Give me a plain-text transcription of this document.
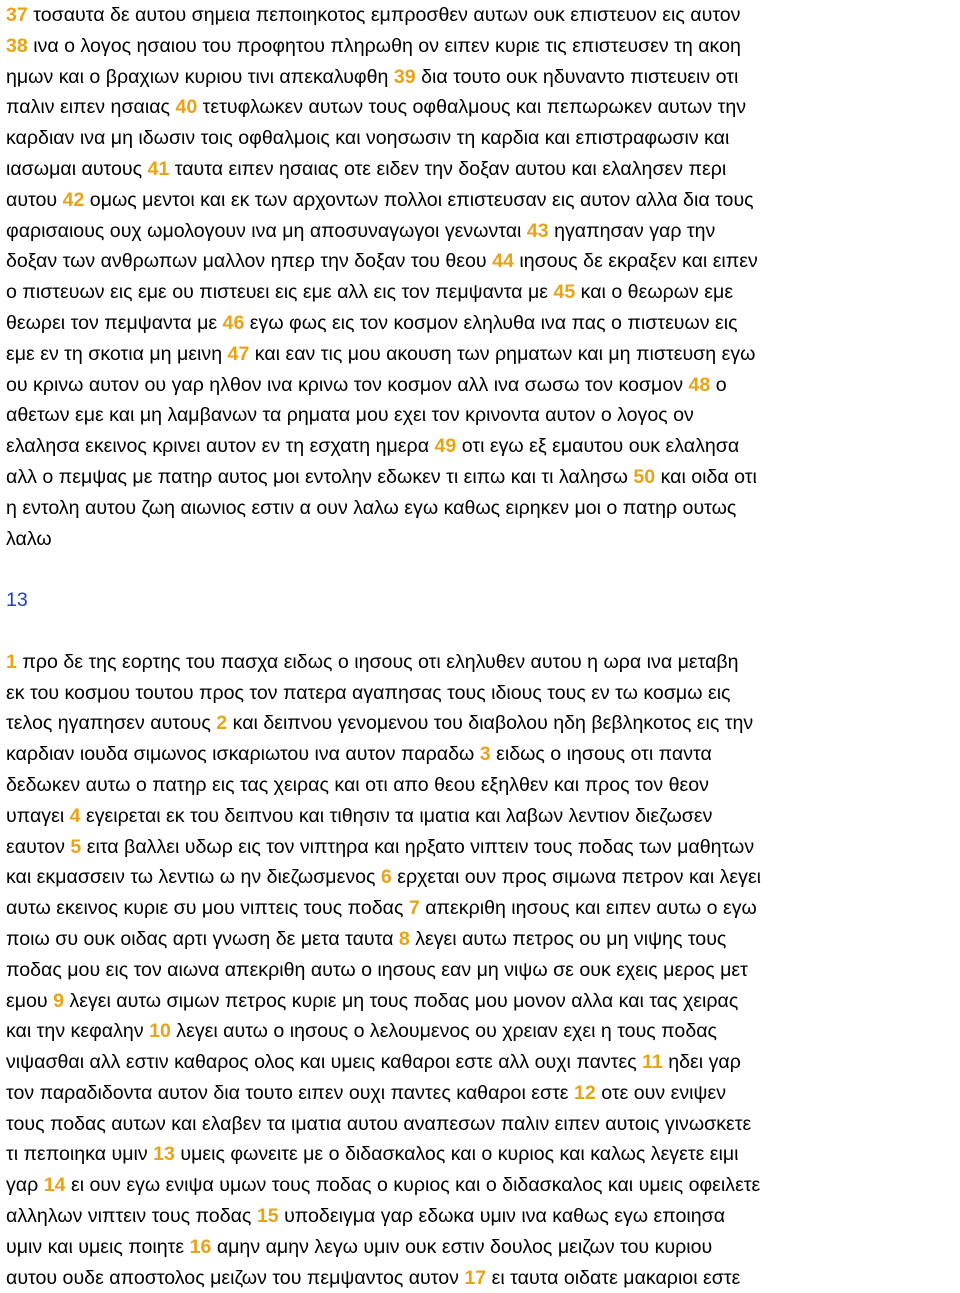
37 τοσαυτα δε αυτου σημεια πεποιηκοτος εμπροσθεν αυτων ουκ επιστευον εις αυτον
38 ινα ο λογος ησαιου του προφητου πληρωθη ον ειπεν κυριε τις επιστευσεν τη ακοη
ημων και ο βραχιων κυριου τινι απεκαλυφθη 39 δια τουτο ουκ ηδυναντο πιστευειν οτι
παλιν ειπεν ησαιας 40 τετυφλωκεν αυτων τους οφθαλμους και πεπωρωκεν αυτων την
καρδιαν ινα μη ιδωσιν τοις οφθαλμοις και νοησωσιν τη καρδια και επιστραφωσιν και
ιασωμαι αυτους 41 ταυτα ειπεν ησαιας οτε ειδεν την δοξαν αυτου και ελαλησεν περι
αυτου 42 ομως μεντοι και εκ των αρχοντων πολλοι επιστευσαν εις αυτον αλλα δια τους
φαρισαιους ουχ ωμολογουν ινα μη αποσυναγωγοι γενωνται 43 ηγαπησαν γαρ την
δοξαν των ανθρωπων μαλλον ηπερ την δοξαν του θεου 44 ιησους δε εκραξεν και ειπεν
ο πιστευων εις εμε ου πιστευει εις εμε αλλ εις τον πεμψαντα με 45 και ο θεωρων εμε
θεωρει τον πεμψαντα με 46 εγω φως εις τον κοσμον εληλυθα ινα πας ο πιστευων εις
εμε εν τη σκοτια μη μεινη 47 και εαν τις μου ακουση των ρηματων και μη πιστευση εγω
ου κρινω αυτον ου γαρ ηλθον ινα κρινω τον κοσμον αλλ ινα σωσω τον κοσμον 48 ο
αθετων εμε και μη λαμβανων τα ρηματα μου εχει τον κρινοντα αυτον ο λογος ον
ελαλησα εκεινος κρινει αυτον εν τη εσχατη ημερα 49 οτι εγω εξ εμαυτου ουκ ελαλησα
αλλ ο πεμψας με πατηρ αυτος μοι εντολην εδωκεν τι ειπω και τι λαλησω 50 και οιδα οτι
η εντολη αυτου ζωη αιωνιος εστιν α ουν λαλω εγω καθως ειρηκεν μοι ο πατηρ ουτως
λαλω
13
1 προ δε της εορτης του πασχα ειδως ο ιησους οτι εληλυθεν αυτου η ωρα ινα μεταβη
εκ του κοσμου τουτου προς τον πατερα αγαπησας τους ιδιους τους εν τω κοσμω εις
τελος ηγαπησεν αυτους 2 και δειπνου γενομενου του διαβολου ηδη βεβληκοτος εις την
καρδιαν ιουδα σιμωνος ισκαριωτου ινα αυτον παραδω 3 ειδως ο ιησους οτι παντα
δεδωκεν αυτω ο πατηρ εις τας χειρας και οτι απο θεου εξηλθεν και προς τον θεον
υπαγει 4 εγειρεται εκ του δειπνου και τιθησιν τα ιματια και λαβων λεντιον διεζωσεν
εαυτον 5 ειτα βαλλει υδωρ εις τον νιπτηρα και ηρξατο νιπτειν τους ποδας των μαθητων
και εκμασσειν τω λεντιω ω ην διεζωσμενος 6 ερχεται ουν προς σιμωνα πετρον και λεγει
αυτω εκεινος κυριε συ μου νιπτεις τους ποδας 7 απεκριθη ιησους και ειπεν αυτω ο εγω
ποιω συ ουκ οιδας αρτι γνωση δε μετα ταυτα 8 λεγει αυτω πετρος ου μη νιψης τους
ποδας μου εις τον αιωνα απεκριθη αυτω ο ιησους εαν μη νιψω σε ουκ εχεις μερος μετ
εμου 9 λεγει αυτω σιμων πετρος κυριε μη τους ποδας μου μονον αλλα και τας χειρας
και την κεφαλην 10 λεγει αυτω ο ιησους ο λελουμενος ου χρειαν εχει η τους ποδας
νιψασθαι αλλ εστιν καθαρος ολος και υμεις καθαροι εστε αλλ ουχι παντες 11 ηδει γαρ
τον παραδιδοντα αυτον δια τουτο ειπεν ουχι παντες καθαροι εστε 12 οτε ουν ενιψεν
τους ποδας αυτων και ελαβεν τα ιματια αυτου αναπεσων παλιν ειπεν αυτοις γινωσκετε
τι πεποιηκα υμιν 13 υμεις φωνειτε με ο διδασκαλος και ο κυριος και καλως λεγετε ειμι
γαρ 14 ει ουν εγω ενιψα υμων τους ποδας ο κυριος και ο διδασκαλος και υμεις οφειλετε
αλληλων νιπτειν τους ποδας 15 υποδειγμα γαρ εδωκα υμιν ινα καθως εγω εποιησα
υμιν και υμεις ποιητε 16 αμην αμην λεγω υμιν ουκ εστιν δουλος μειζων του κυριου
αυτου ουδε αποστολος μειζων του πεμψαντος αυτον 17 ει ταυτα οιδατε μακαριοι εστε
